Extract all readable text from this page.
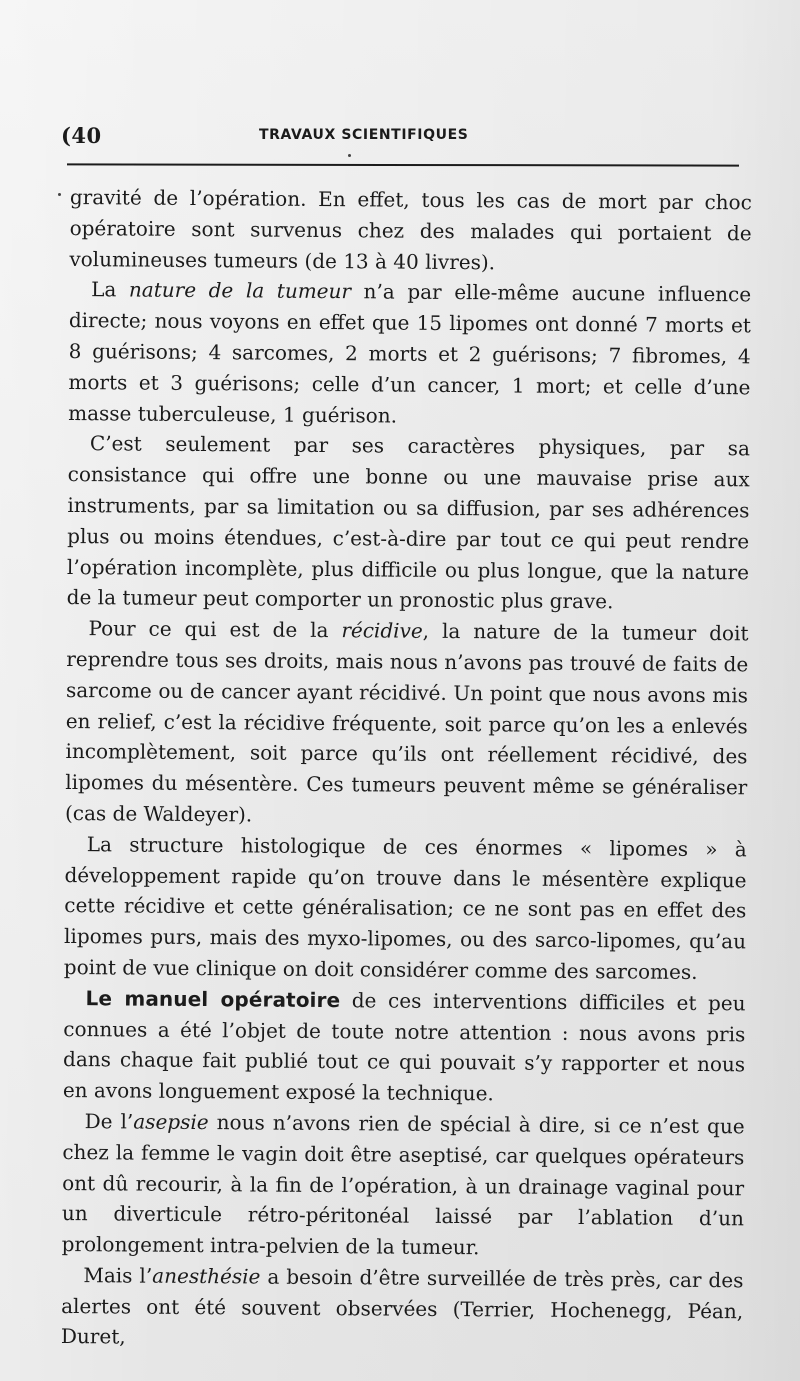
(40	TRAVAUX SCIENTIFIQUES

gravité de l’opération. En effet, tous les cas de mort par choc opératoire sont survenus chez des malades qui portaient de volumineuses tumeurs (de 13 à 40 livres).

La nature de la tumeur n’a par elle-même aucune influence directe; nous voyons en effet que 15 lipomes ont donné 7 morts et 8 guérisons; 4 sarcomes, 2 morts et 2 guérisons; 7 fibromes, 4 morts et 3 guérisons; celle d’un cancer, 1 mort; et celle d’une masse tuberculeuse, 1 guérison.

C’est seulement par ses caractères physiques, par sa consistance qui offre une bonne ou une mauvaise prise aux instruments, par sa limitation ou sa diffusion, par ses adhérences plus ou moins étendues, c’est-à-dire par tout ce qui peut rendre l’opération incomplète, plus difficile ou plus longue, que la nature de la tumeur peut comporter un pronostic plus grave.

Pour ce qui est de la récidive, la nature de la tumeur doit reprendre tous ses droits, mais nous n’avons pas trouvé de faits de sarcome ou de cancer ayant récidivé. Un point que nous avons mis en relief, c’est la récidive fréquente, soit parce qu’on les a enlevés incomplètement, soit parce qu’ils ont réellement récidivé, des lipomes du mésentère. Ces tumeurs peuvent même se généraliser (cas de Waldeyer).

La structure histologique de ces énormes « lipomes » à développement rapide qu’on trouve dans le mésentère explique cette récidive et cette généralisation; ce ne sont pas en effet des lipomes purs, mais des myxo-lipomes, ou des sarco-lipomes, qu’au point de vue clinique on doit considérer comme des sarcomes.

Le manuel opératoire de ces interventions difficiles et peu connues a été l’objet de toute notre attention : nous avons pris dans chaque fait publié tout ce qui pouvait s’y rapporter et nous en avons longuement exposé la technique.

De l’asepsie nous n’avons rien de spécial à dire, si ce n’est que chez la femme le vagin doit être aseptisé, car quelques opérateurs ont dû recourir, à la fin de l’opération, à un drainage vaginal pour un diverticule rétro-péritonéal laissé par l’ablation d’un prolongement intra-pelvien de la tumeur.

Mais l’anesthésie a besoin d’être surveillée de très près, car des alertes ont été souvent observées (Terrier, Hochenegg, Péan, Duret,
